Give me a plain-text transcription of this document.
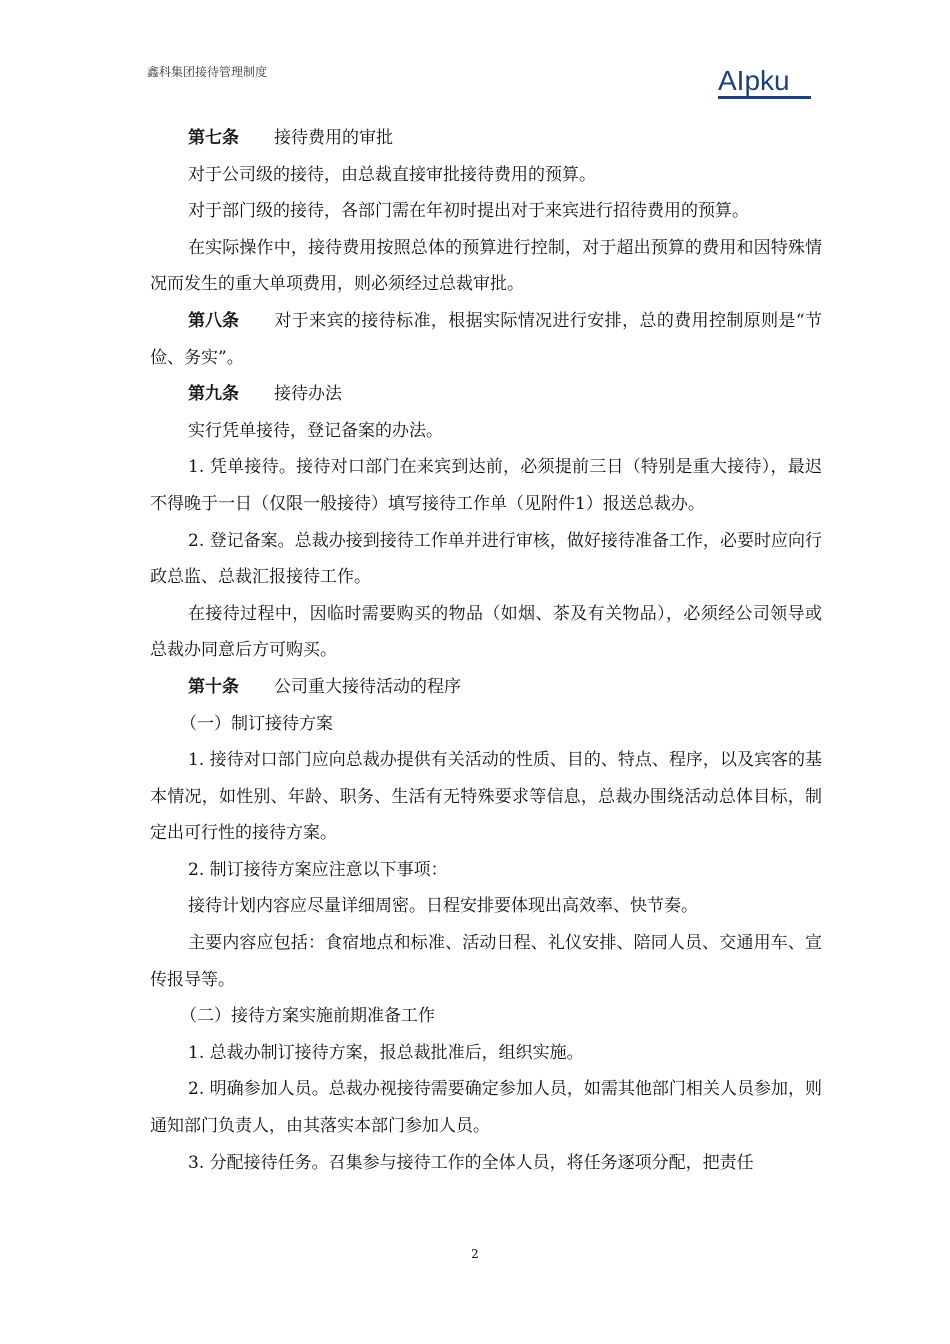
鑫科集团接待管理制度	AIpku

第七条 接待费用的审批

对于公司级的接待，由总裁直接审批接待费用的预算。

对于部门级的接待，各部门需在年初时提出对于来宾进行招待费用的预算。

在实际操作中，接待费用按照总体的预算进行控制，对于超出预算的费用和因特殊情况而发生的重大单项费用，则必须经过总裁审批。

第八条 对于来宾的接待标准，根据实际情况进行安排，总的费用控制原则是“节俭、务实”。

第九条 接待办法

实行凭单接待，登记备案的办法。

1. 凭单接待。接待对口部门在来宾到达前，必须提前三日（特别是重大接待），最迟不得晚于一日（仅限一般接待）填写接待工作单（见附件1）报送总裁办。

2. 登记备案。总裁办接到接待工作单并进行审核，做好接待准备工作，必要时应向行政总监、总裁汇报接待工作。

在接待过程中，因临时需要购买的物品（如烟、茶及有关物品），必须经公司领导或总裁办同意后方可购买。

第十条 公司重大接待活动的程序

（一）制订接待方案

1. 接待对口部门应向总裁办提供有关活动的性质、目的、特点、程序，以及宾客的基本情况，如性别、年龄、职务、生活有无特殊要求等信息，总裁办围绕活动总体目标，制定出可行性的接待方案。

2. 制订接待方案应注意以下事项：

接待计划内容应尽量详细周密。日程安排要体现出高效率、快节奏。

主要内容应包括：食宿地点和标准、活动日程、礼仪安排、陪同人员、交通用车、宣传报导等。

（二）接待方案实施前期准备工作

1. 总裁办制订接待方案，报总裁批准后，组织实施。

2. 明确参加人员。总裁办视接待需要确定参加人员，如需其他部门相关人员参加，则通知部门负责人，由其落实本部门参加人员。

3. 分配接待任务。召集参与接待工作的全体人员，将任务逐项分配，把责任

2
